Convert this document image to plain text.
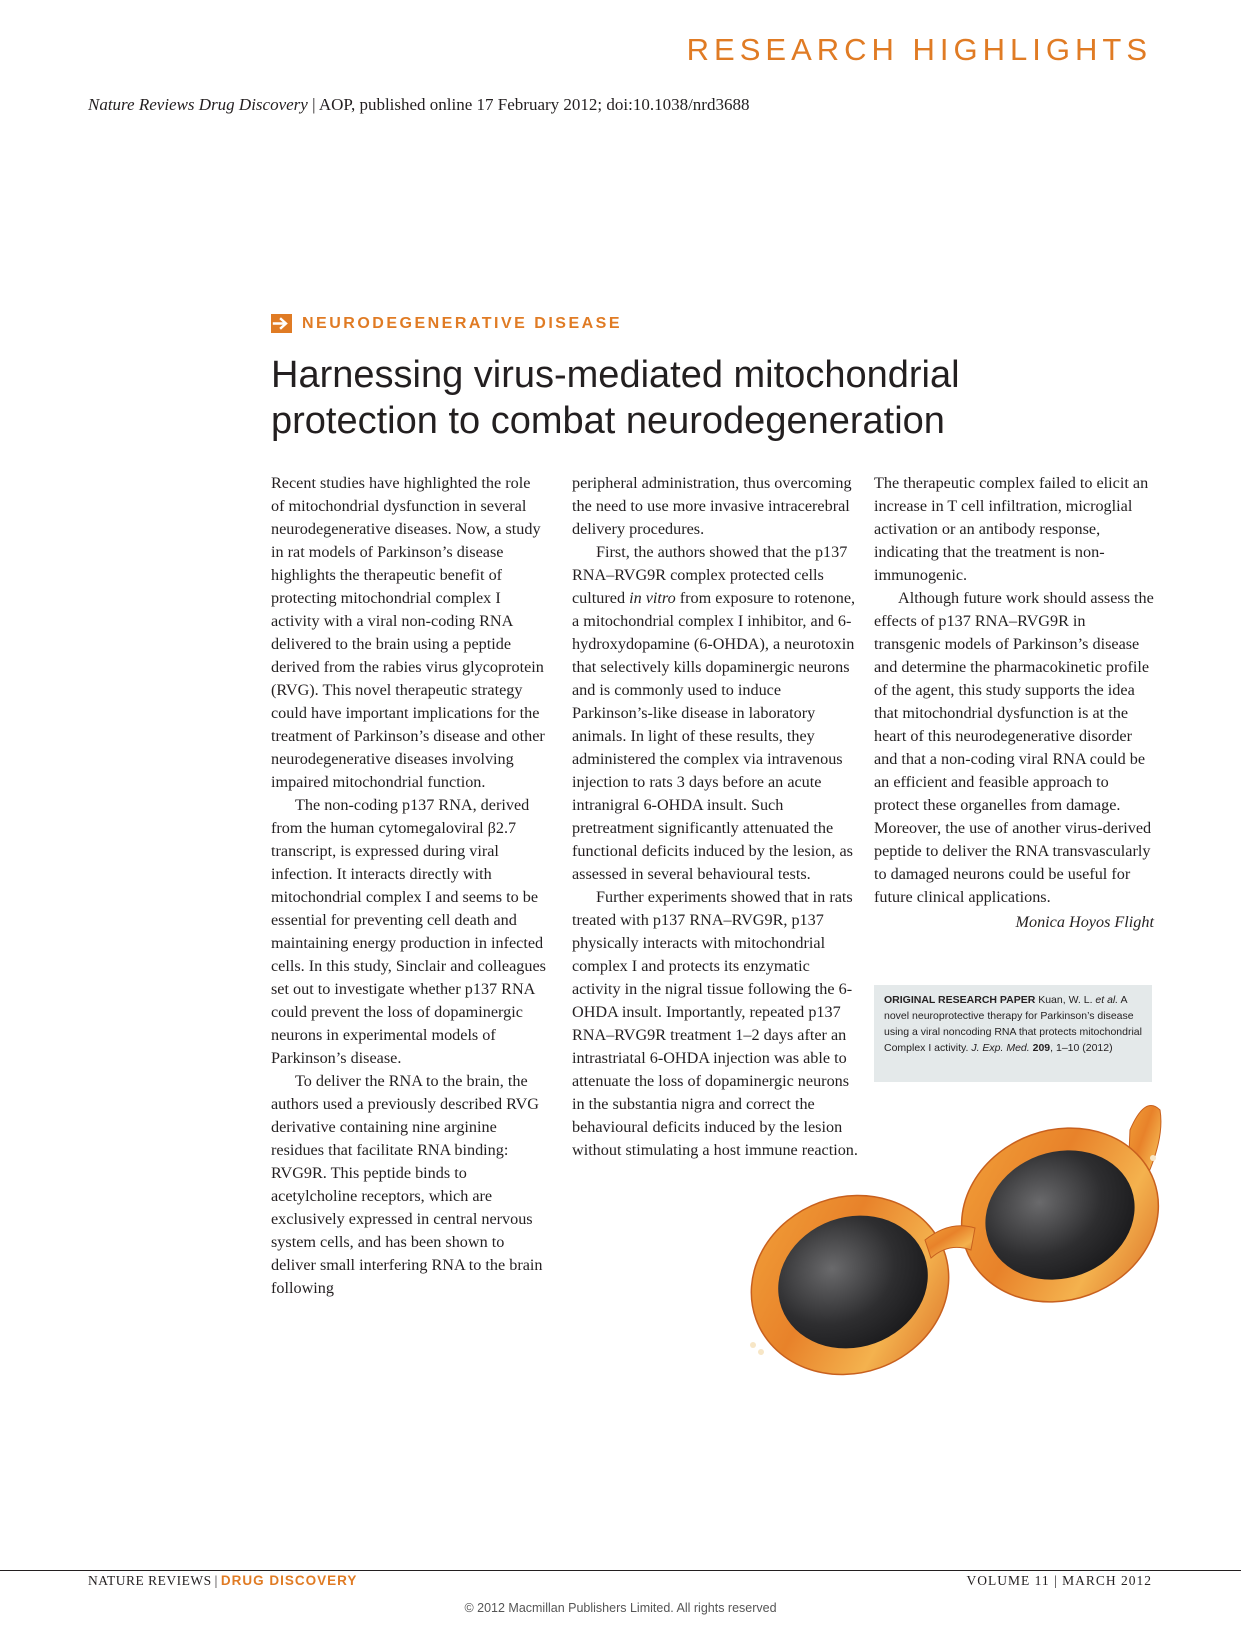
RESEARCH HIGHLIGHTS
Nature Reviews Drug Discovery | AOP, published online 17 February 2012; doi:10.1038/nrd3688
NEURODEGENERATIVE DISEASE
Harnessing virus-mediated mitochondrial protection to combat neurodegeneration

Recent studies have highlighted the role of mitochondrial dysfunction in several neurodegenerative diseases. Now, a study in rat models of Parkinson’s disease highlights the therapeutic benefit of protecting mitochondrial complex I activity with a viral non-coding RNA delivered to the brain using a peptide derived from the rabies virus glycoprotein (RVG). This novel therapeutic strategy could have important implications for the treatment of Parkinson’s disease and other neurodegenerative diseases involving impaired mitochondrial function.

The non-coding p137 RNA, derived from the human cytomegaloviral β2.7 transcript, is expressed during viral infection. It interacts directly with mitochondrial complex I and seems to be essential for preventing cell death and maintaining energy production in infected cells. In this study, Sinclair and colleagues set out to investigate whether p137 RNA could prevent the loss of dopaminergic neurons in experimental models of Parkinson’s disease.

To deliver the RNA to the brain, the authors used a previously described RVG derivative containing nine arginine residues that facilitate RNA binding: RVG9R. This peptide binds to acetylcholine receptors, which are exclusively expressed in central nervous system cells, and has been shown to deliver small interfering RNA to the brain following

peripheral administration, thus overcoming the need to use more invasive intracerebral delivery procedures.

First, the authors showed that the p137 RNA–RVG9R complex protected cells cultured in vitro from exposure to rotenone, a mitochondrial complex I inhibitor, and 6-hydroxydopamine (6-OHDA), a neurotoxin that selectively kills dopaminergic neurons and is commonly used to induce Parkinson’s-like disease in laboratory animals. In light of these results, they administered the complex via intravenous injection to rats 3 days before an acute intranigral 6-OHDA insult. Such pretreatment significantly attenuated the functional deficits induced by the lesion, as assessed in several behavioural tests.

Further experiments showed that in rats treated with p137 RNA–RVG9R, p137 physically interacts with mitochondrial complex I and protects its enzymatic activity in the nigral tissue following the 6-OHDA insult. Importantly, repeated p137 RNA–RVG9R treatment 1–2 days after an intrastriatal 6-OHDA injection was able to attenuate the loss of dopaminergic neurons in the substantia nigra and correct the behavioural deficits induced by the lesion without stimulating a host immune reaction.

The therapeutic complex failed to elicit an increase in T cell infiltration, microglial activation or an antibody response, indicating that the treatment is non-immunogenic.

Although future work should assess the effects of p137 RNA–RVG9R in transgenic models of Parkinson’s disease and determine the pharmacokinetic profile of the agent, this study supports the idea that mitochondrial dysfunction is at the heart of this neurodegenerative disorder and that a non-coding viral RNA could be an efficient and feasible approach to protect these organelles from damage. Moreover, the use of another virus-derived peptide to deliver the RNA transvascularly to damaged neurons could be useful for future clinical applications.

Monica Hoyos Flight
ORIGINAL RESEARCH PAPER Kuan, W. L. et al. A novel neuroprotective therapy for Parkinson’s disease using a viral noncoding RNA that protects mitochondrial Complex I activity. J. Exp. Med. 209, 1–10 (2012)
NATURE REVIEWS | DRUG DISCOVERY	VOLUME 11 | MARCH 2012
© 2012 Macmillan Publishers Limited. All rights reserved
